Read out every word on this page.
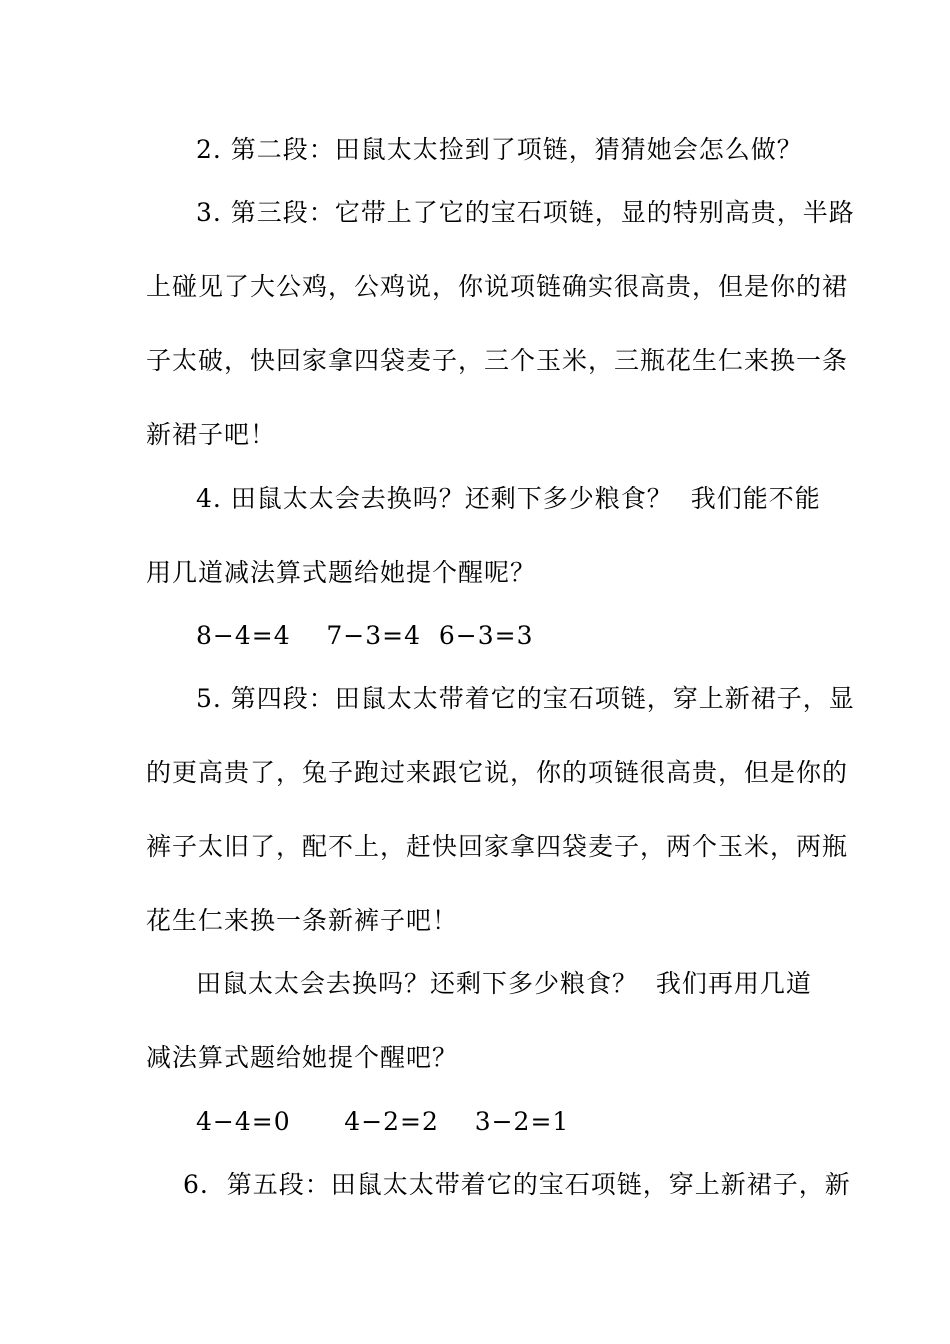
2. 第二段：田鼠太太捡到了项链，猜猜她会怎么做？
3. 第三段：它带上了它的宝石项链，显的特别高贵，半路
上碰见了大公鸡，公鸡说，你说项链确实很高贵，但是你的裙
子太破，快回家拿四袋麦子，三个玉米，三瓶花生仁来换一条
新裙子吧！
4. 田鼠太太会去换吗？还剩下多少粮食？  我们能不能
用几道减法算式题给她提个醒呢？
8−4=4    7−3=4  6−3=3
5. 第四段：田鼠太太带着它的宝石项链，穿上新裙子，显
的更高贵了，兔子跑过来跟它说，你的项链很高贵，但是你的
裤子太旧了，配不上，赶快回家拿四袋麦子，两个玉米，两瓶
花生仁来换一条新裤子吧！
田鼠太太会去换吗？还剩下多少粮食？  我们再用几道
减法算式题给她提个醒吧？
4−4=0      4−2=2    3−2=1
6.  第五段：田鼠太太带着它的宝石项链，穿上新裙子，新
